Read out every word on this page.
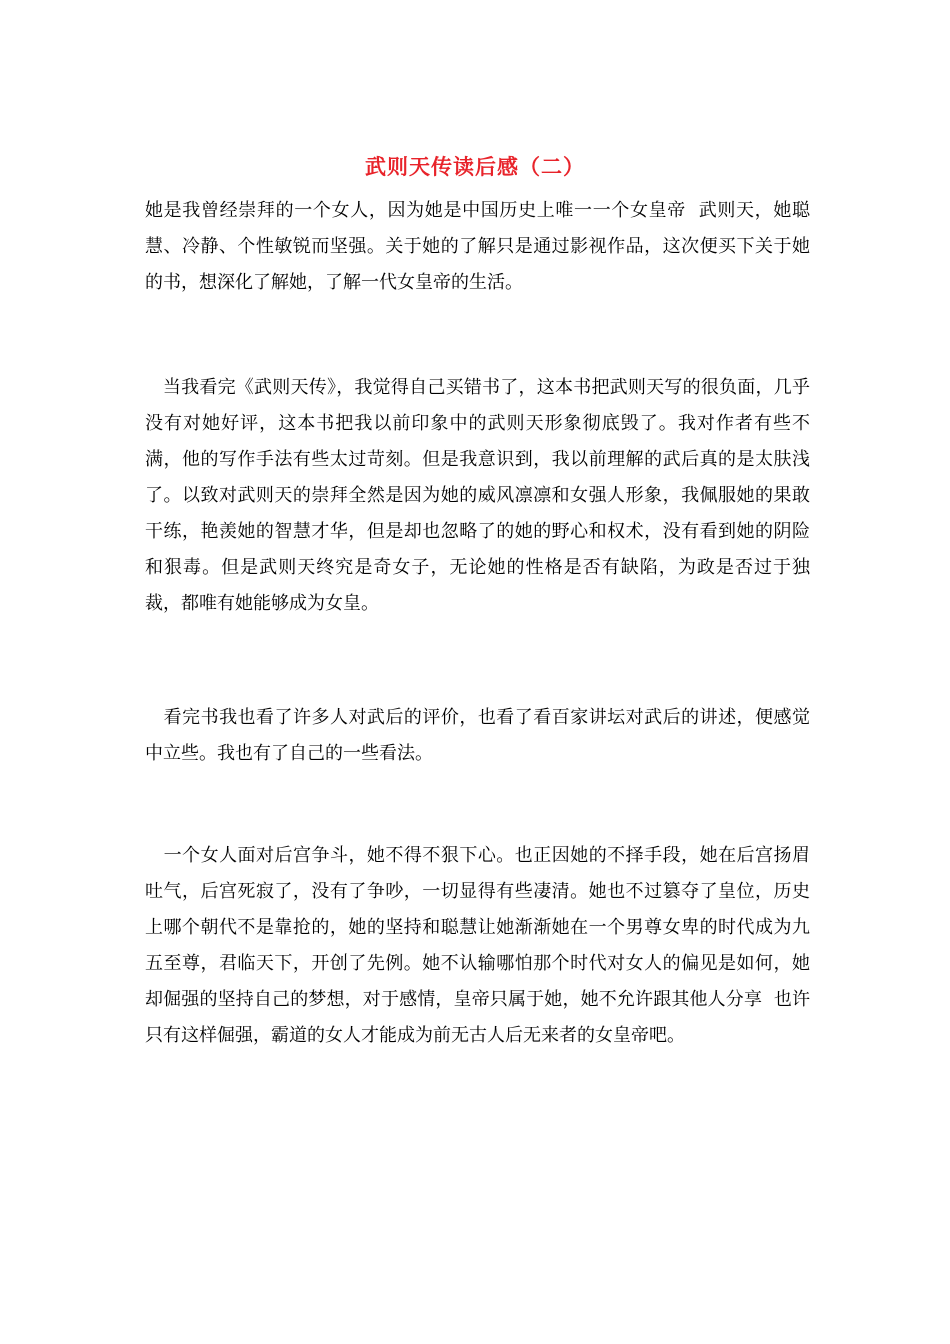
武则天传读后感（二）
她是我曾经崇拜的一个女人，因为她是中国历史上唯一一个女皇帝  武则天，她聪慧、冷静、个性敏锐而坚强。关于她的了解只是通过影视作品，这次便买下关于她的书，想深化了解她，了解一代女皇帝的生活。
当我看完《武则天传》，我觉得自己买错书了，这本书把武则天写的很负面，几乎没有对她好评，这本书把我以前印象中的武则天形象彻底毁了。我对作者有些不满，他的写作手法有些太过苛刻。但是我意识到，我以前理解的武后真的是太肤浅了。以致对武则天的崇拜全然是因为她的威风凛凛和女强人形象，我佩服她的果敢干练，艳羡她的智慧才华，但是却也忽略了的她的野心和权术，没有看到她的阴险和狠毒。但是武则天终究是奇女子，无论她的性格是否有缺陷，为政是否过于独裁，都唯有她能够成为女皇。
看完书我也看了许多人对武后的评价，也看了看百家讲坛对武后的讲述，便感觉中立些。我也有了自己的一些看法。
一个女人面对后宫争斗，她不得不狠下心。也正因她的不择手段，她在后宫扬眉吐气，后宫死寂了，没有了争吵，一切显得有些凄清。她也不过篡夺了皇位，历史上哪个朝代不是靠抢的，她的坚持和聪慧让她渐渐她在一个男尊女卑的时代成为九五至尊，君临天下，开创了先例。她不认输哪怕那个时代对女人的偏见是如何，她却倔强的坚持自己的梦想，对于感情，皇帝只属于她，她不允许跟其他人分享  也许只有这样倔强，霸道的女人才能成为前无古人后无来者的女皇帝吧。
